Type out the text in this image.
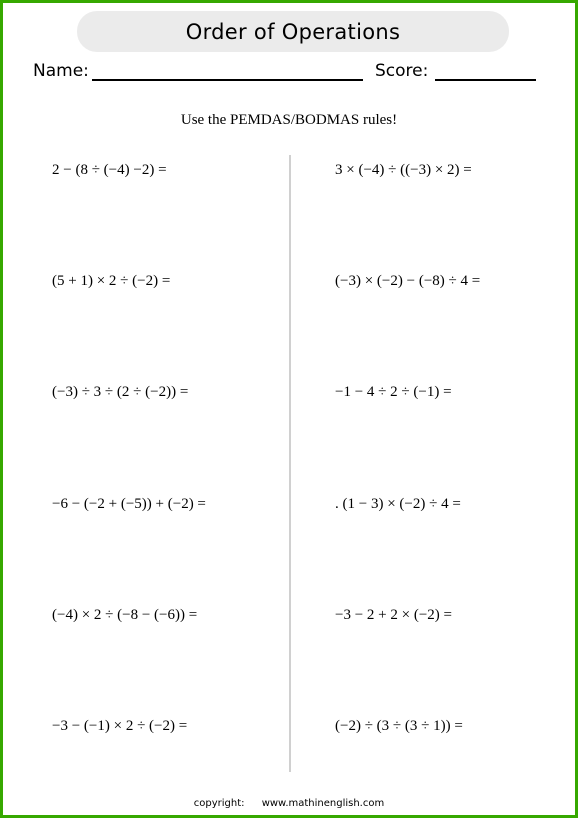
Order of Operations
Name:	Score:
Use the PEMDAS/BODMAS rules!
2 − (8 ÷ (−4) −2) =
(5 + 1) × 2 ÷ (−2) =
(−3) ÷ 3 ÷ (2 ÷ (−2)) =
−6 − (−2 + (−5)) + (−2) =
(−4) × 2 ÷ (−8 − (−6)) =
−3 − (−1) × 2 ÷ (−2) =
3 × (−4) ÷ ((−3) × 2) =
(−3) × (−2) − (−8) ÷ 4 =
−1 − 4 ÷ 2 ÷ (−1) =
. (1 − 3) × (−2) ÷ 4 =
−3 − 2 + 2 × (−2) =
(−2) ÷ (3 ÷ (3 ÷ 1)) =
copyright: www.mathinenglish.com
